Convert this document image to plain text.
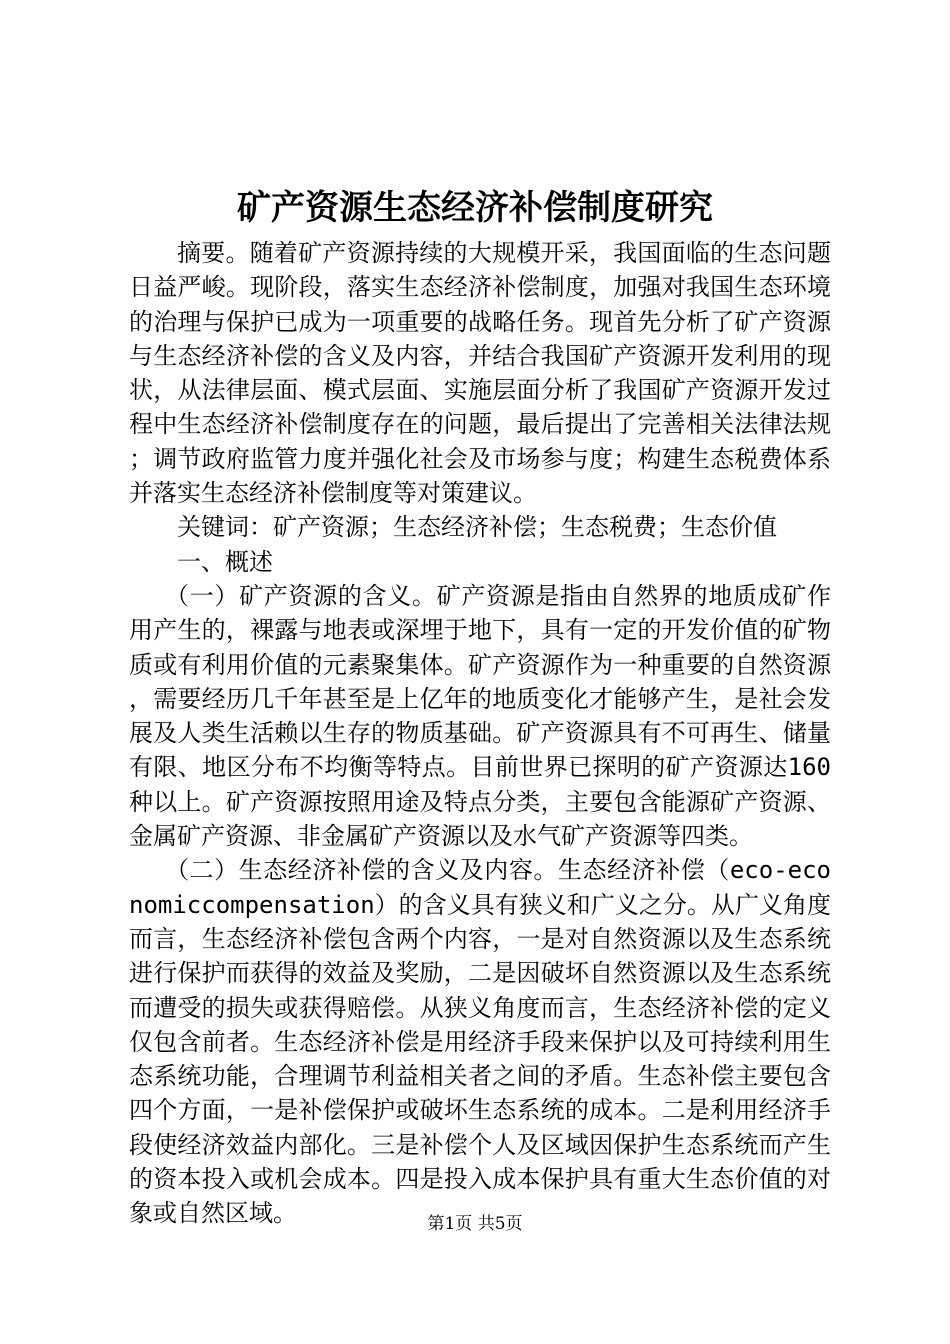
矿产资源生态经济补偿制度研究

摘要。随着矿产资源持续的大规模开采，我国面临的生态问题日益严峻。现阶段，落实生态经济补偿制度，加强对我国生态环境的治理与保护已成为一项重要的战略任务。现首先分析了矿产资源与生态经济补偿的含义及内容，并结合我国矿产资源开发利用的现状，从法律层面、模式层面、实施层面分析了我国矿产资源开发过程中生态经济补偿制度存在的问题，最后提出了完善相关法律法规；调节政府监管力度并强化社会及市场参与度；构建生态税费体系并落实生态经济补偿制度等对策建议。

关键词：矿产资源；生态经济补偿；生态税费；生态价值

一、概述

（一）矿产资源的含义。矿产资源是指由自然界的地质成矿作用产生的，裸露与地表或深埋于地下，具有一定的开发价值的矿物质或有利用价值的元素聚集体。矿产资源作为一种重要的自然资源，需要经历几千年甚至是上亿年的地质变化才能够产生，是社会发展及人类生活赖以生存的物质基础。矿产资源具有不可再生、储量有限、地区分布不均衡等特点。目前世界已探明的矿产资源达160种以上。矿产资源按照用途及特点分类，主要包含能源矿产资源、金属矿产资源、非金属矿产资源以及水气矿产资源等四类。

（二）生态经济补偿的含义及内容。生态经济补偿（eco-economiccompensation）的含义具有狭义和广义之分。从广义角度而言，生态经济补偿包含两个内容，一是对自然资源以及生态系统进行保护而获得的效益及奖励，二是因破坏自然资源以及生态系统而遭受的损失或获得赔偿。从狭义角度而言，生态经济补偿的定义仅包含前者。生态经济补偿是用经济手段来保护以及可持续利用生态系统功能，合理调节利益相关者之间的矛盾。生态补偿主要包含四个方面，一是补偿保护或破坏生态系统的成本。二是利用经济手段使经济效益内部化。三是补偿个人及区域因保护生态系统而产生的资本投入或机会成本。四是投入成本保护具有重大生态价值的对象或自然区域。	第1页 共5页
